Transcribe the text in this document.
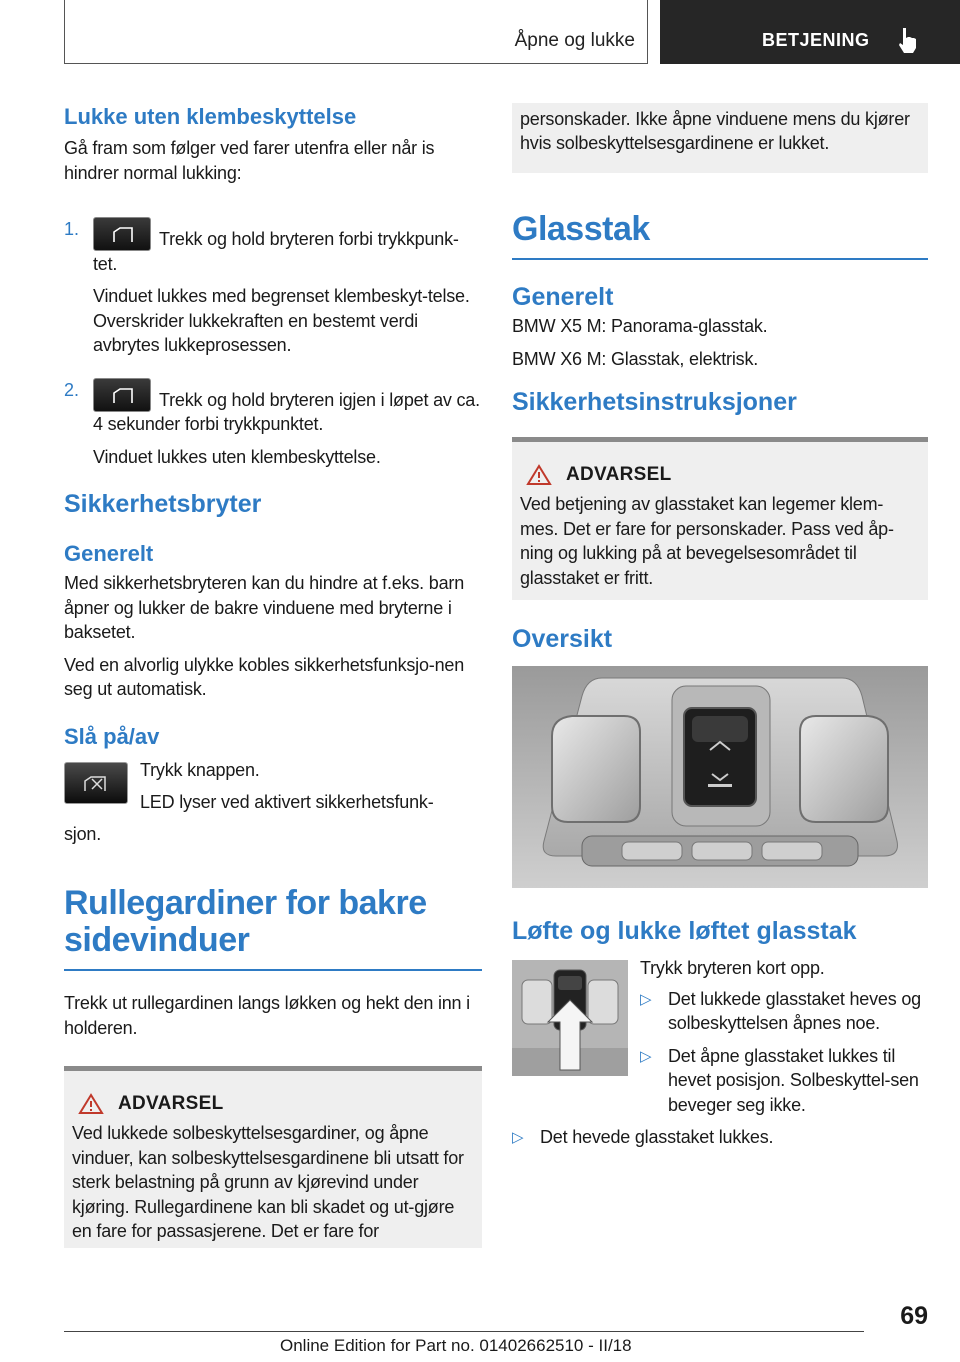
Åpne og lukke	BETJENING
Lukke uten klembeskyttelse

Gå fram som følger ved farer utenfra eller når is hindrer normal lukking:

1.	Trekk og hold bryteren forbi trykkpunk‐tet.

Vinduet lukkes med begrenset klembeskyt‐telse. Overskrider lukkekraften en bestemt verdi avbrytes lukkeprosessen.

2.	Trekk og hold bryteren igjen i løpet av ca. 4 sekunder forbi trykkpunktet.

Vinduet lukkes uten klembeskyttelse.

Sikkerhetsbryter
Generelt

Med sikkerhetsbryteren kan du hindre at f.eks. barn åpner og lukker de bakre vinduene med bryterne i baksetet.

Ved en alvorlig ulykke kobles sikkerhetsfunksjo‐nen seg ut automatisk.

Slå på/av

Trykk knappen.

LED lyser ved aktivert sikkerhetsfunk‐

sjon.

Rullegardiner for bakre sidevinduer

Trekk ut rullegardinen langs løkken og hekt den inn i holderen.

ADVARSEL

Ved lukkede solbeskyttelsesgardiner, og åpne vinduer, kan solbeskyttelsesgardinene bli utsatt for sterk belastning på grunn av kjørevind under kjøring. Rullegardinene kan bli skadet og ut‐gjøre en fare for passasjerene. Det er fare for

personskader. Ikke åpne vinduene mens du kjører hvis solbeskyttelsesgardinene er lukket.

Glasstak
Generelt

BMW X5 M: Panorama-glasstak.

BMW X6 M: Glasstak, elektrisk.

Sikkerhetsinstruksjoner
ADVARSEL

Ved betjening av glasstaket kan legemer klem‐mes. Det er fare for personskader. Pass ved åp‐ning og lukking på at bevegelsesområdet til glasstaket er fritt.

Oversikt
Løfte og lukke løftet glasstak

Trykk bryteren kort opp.

▷ Det lukkede glasstaket heves og solbeskyttelsen åpnes noe.

▷ Det åpne glasstaket lukkes til hevet posisjon. Solbeskyttel‐sen beveger seg ikke.

▷ Det hevede glasstaket lukkes.

69
Online Edition for Part no. 01402662510 - II/18
